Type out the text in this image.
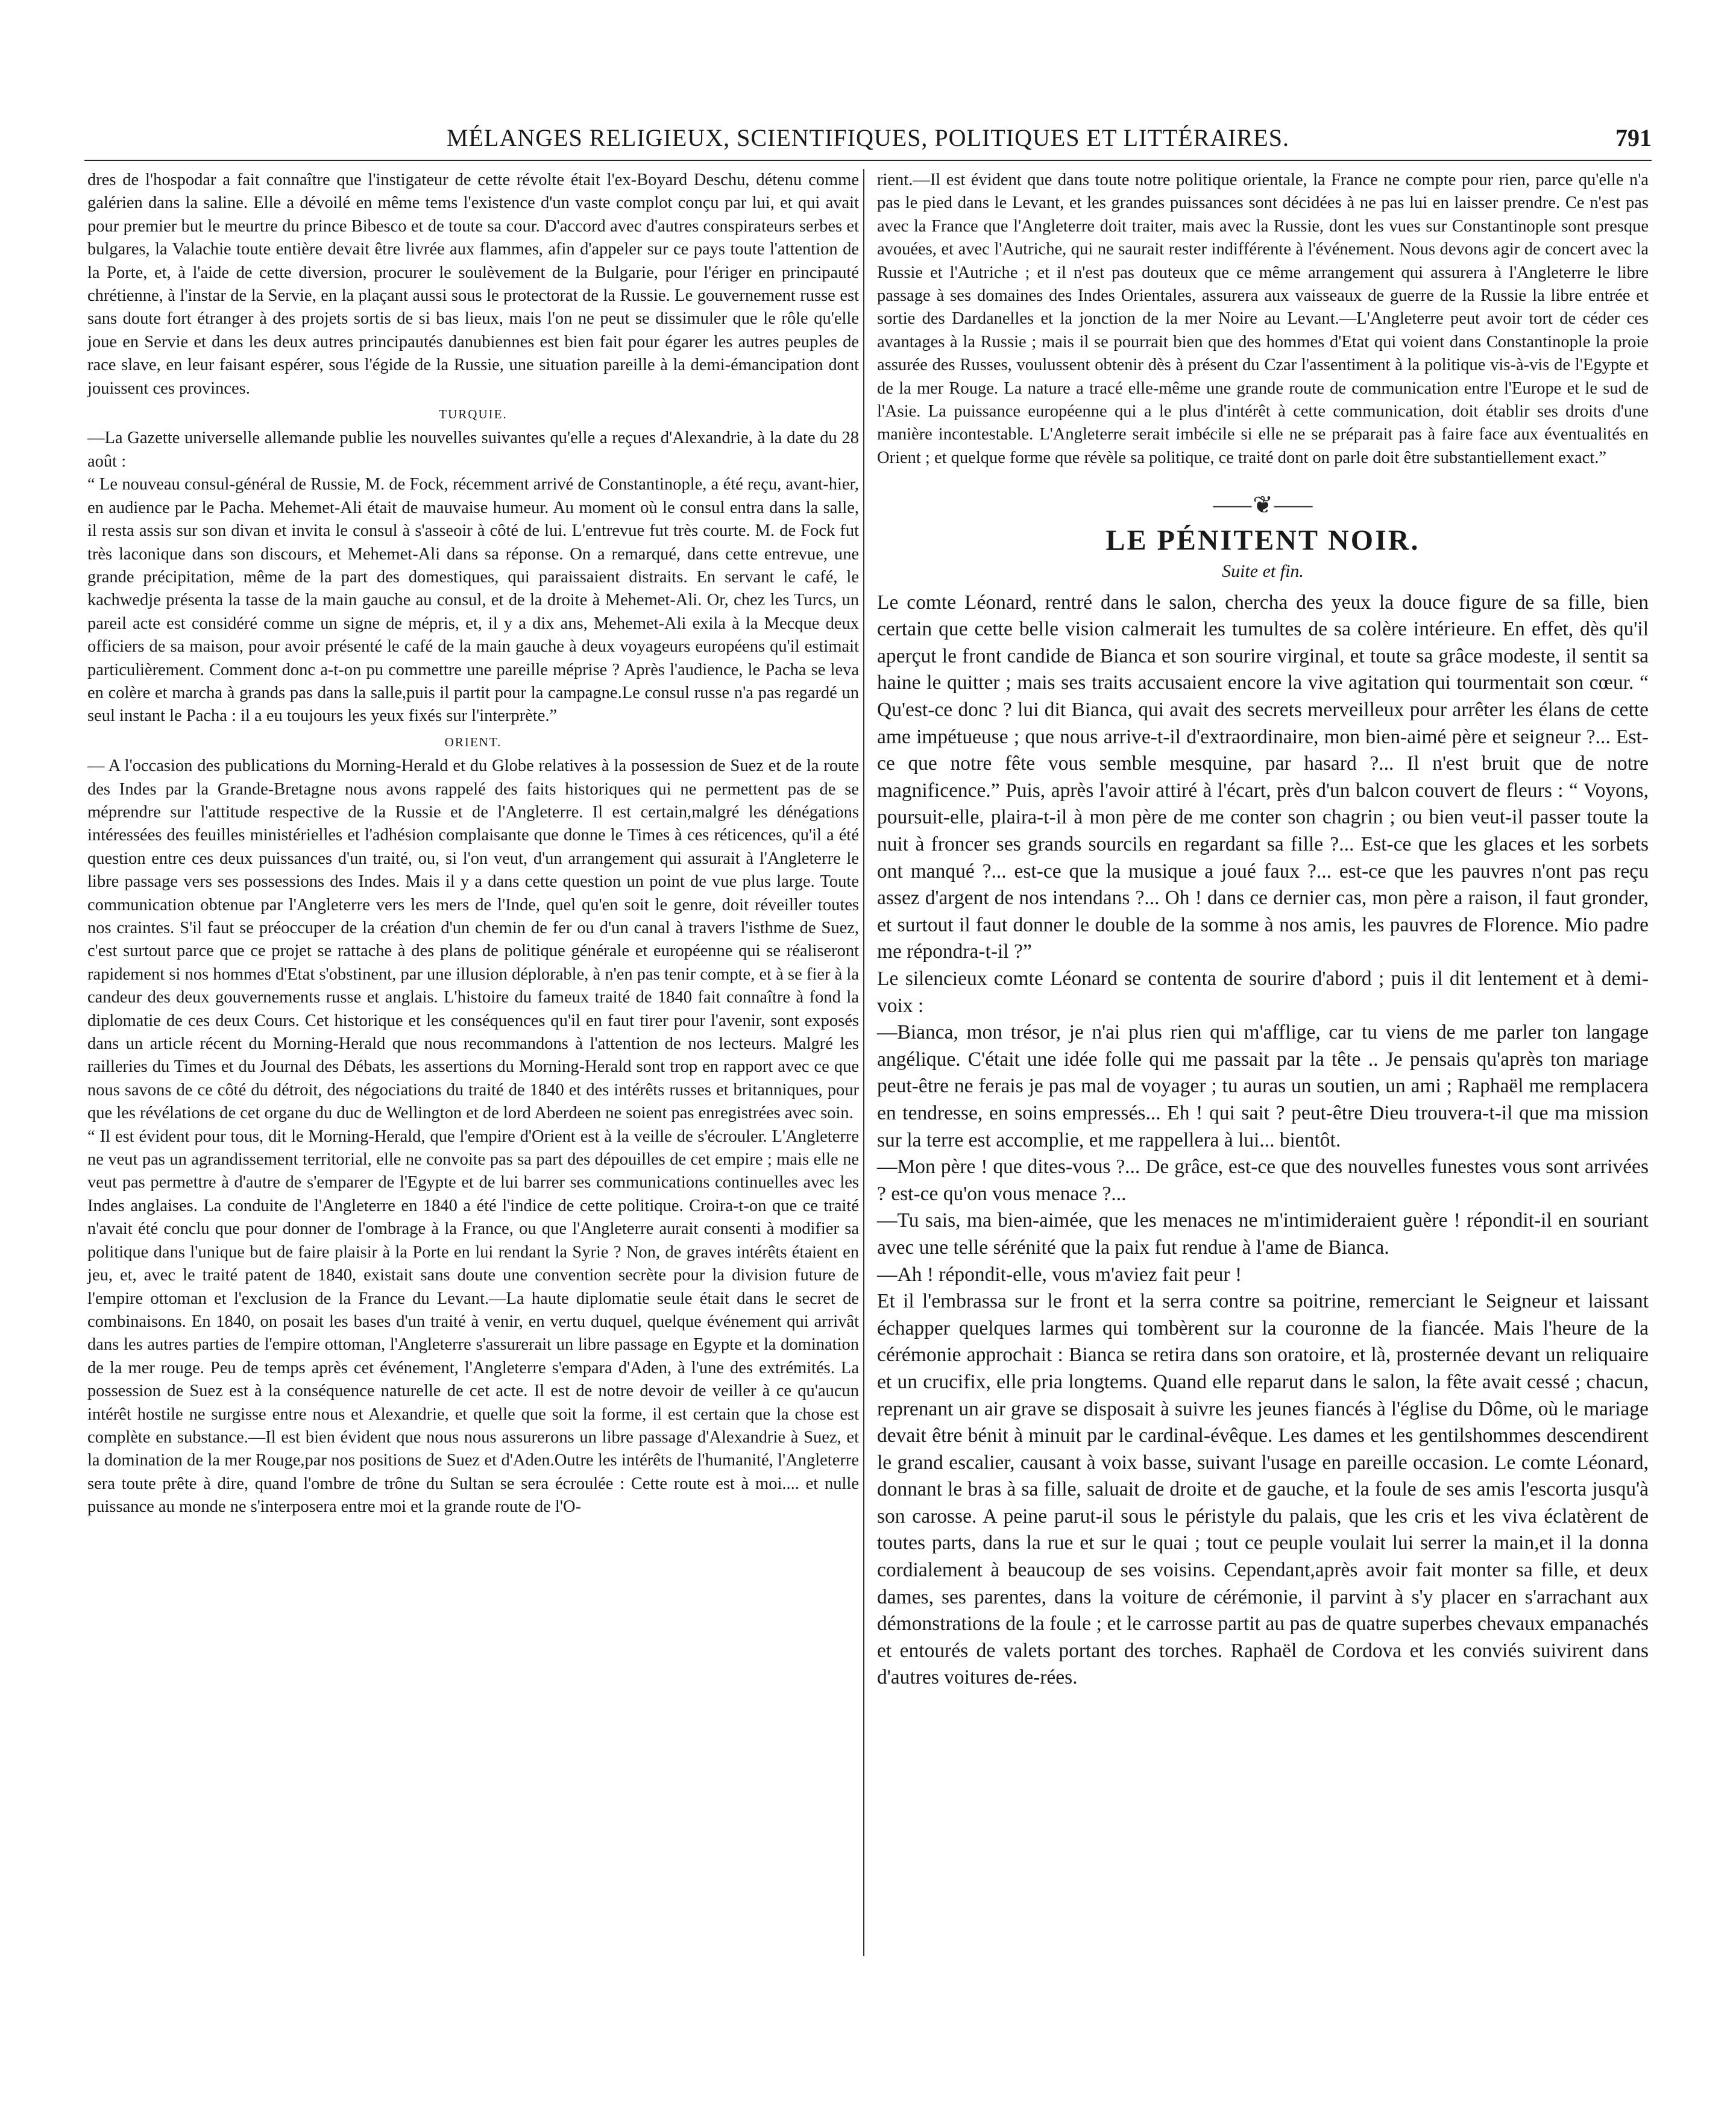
MÉLANGES RELIGIEUX, SCIENTIFIQUES, POLITIQUES ET LITTÉRAIRES.	791

dres de l'hospodar a fait connaître que l'instigateur de cette révolte était l'ex-Boyard Deschu, détenu comme galérien dans la saline. Elle a dévoilé en même tems l'existence d'un vaste complot conçu par lui, et qui avait pour premier but le meurtre du prince Bibesco et de toute sa cour. D'accord avec d'autres conspirateurs serbes et bulgares, la Valachie toute entière devait être livrée aux flammes, afin d'appeler sur ce pays toute l'attention de la Porte, et, à l'aide de cette diversion, procurer le soulèvement de la Bulgarie, pour l'ériger en principauté chrétienne, à l'instar de la Servie, en la plaçant aussi sous le protectorat de la Russie. Le gouvernement russe est sans doute fort étranger à des projets sortis de si bas lieux, mais l'on ne peut se dissimuler que le rôle qu'elle joue en Servie et dans les deux autres principautés danubiennes est bien fait pour égarer les autres peuples de race slave, en leur faisant espérer, sous l'égide de la Russie, une situation pareille à la demi-émancipation dont jouissent ces provinces.

TURQUIE.

—La Gazette universelle allemande publie les nouvelles suivantes qu'elle a reçues d'Alexandrie, à la date du 28 août :

“ Le nouveau consul-général de Russie, M. de Fock, récemment arrivé de Constantinople, a été reçu, avant-hier, en audience par le Pacha. Mehemet-Ali était de mauvaise humeur. Au moment où le consul entra dans la salle, il resta assis sur son divan et invita le consul à s'asseoir à côté de lui. L'entrevue fut très courte. M. de Fock fut très laconique dans son discours, et Mehemet-Ali dans sa réponse. On a remarqué, dans cette entrevue, une grande précipitation, même de la part des domestiques, qui paraissaient distraits. En servant le café, le kachwedje présenta la tasse de la main gauche au consul, et de la droite à Mehemet-Ali. Or, chez les Turcs, un pareil acte est considéré comme un signe de mépris, et, il y a dix ans, Mehemet-Ali exila à la Mecque deux officiers de sa maison, pour avoir présenté le café de la main gauche à deux voyageurs européens qu'il estimait particulièrement. Comment donc a-t-on pu commettre une pareille méprise ? Après l'audience, le Pacha se leva en colère et marcha à grands pas dans la salle,puis il partit pour la campagne.Le consul russe n'a pas regardé un seul instant le Pacha : il a eu toujours les yeux fixés sur l'interprète.”

ORIENT.

— A l'occasion des publications du Morning-Herald et du Globe relatives à la possession de Suez et de la route des Indes par la Grande-Bretagne nous avons rappelé des faits historiques qui ne permettent pas de se méprendre sur l'attitude respective de la Russie et de l'Angleterre. Il est certain,malgré les dénégations intéressées des feuilles ministérielles et l'adhésion complaisante que donne le Times à ces réticences, qu'il a été question entre ces deux puissances d'un traité, ou, si l'on veut, d'un arrangement qui assurait à l'Angleterre le libre passage vers ses possessions des Indes. Mais il y a dans cette question un point de vue plus large. Toute communication obtenue par l'Angleterre vers les mers de l'Inde, quel qu'en soit le genre, doit réveiller toutes nos craintes. S'il faut se préoccuper de la création d'un chemin de fer ou d'un canal à travers l'isthme de Suez, c'est surtout parce que ce projet se rattache à des plans de politique générale et européenne qui se réaliseront rapidement si nos hommes d'Etat s'obstinent, par une illusion déplorable, à n'en pas tenir compte, et à se fier à la candeur des deux gouvernements russe et anglais. L'histoire du fameux traité de 1840 fait connaître à fond la diplomatie de ces deux Cours. Cet historique et les conséquences qu'il en faut tirer pour l'avenir, sont exposés dans un article récent du Morning-Herald que nous recommandons à l'attention de nos lecteurs. Malgré les railleries du Times et du Journal des Débats, les assertions du Morning-Herald sont trop en rapport avec ce que nous savons de ce côté du détroit, des négociations du traité de 1840 et des intérêts russes et britanniques, pour que les révélations de cet organe du duc de Wellington et de lord Aberdeen ne soient pas enregistrées avec soin.

“ Il est évident pour tous, dit le Morning-Herald, que l'empire d'Orient est à la veille de s'écrouler. L'Angleterre ne veut pas un agrandissement territorial, elle ne convoite pas sa part des dépouilles de cet empire ; mais elle ne veut pas permettre à d'autre de s'emparer de l'Egypte et de lui barrer ses communications continuelles avec les Indes anglaises. La conduite de l'Angleterre en 1840 a été l'indice de cette politique. Croira-t-on que ce traité n'avait été conclu que pour donner de l'ombrage à la France, ou que l'Angleterre aurait consenti à modifier sa politique dans l'unique but de faire plaisir à la Porte en lui rendant la Syrie ? Non, de graves intérêts étaient en jeu, et, avec le traité patent de 1840, existait sans doute une convention secrète pour la division future de l'empire ottoman et l'exclusion de la France du Levant.—La haute diplomatie seule était dans le secret de combinaisons. En 1840, on posait les bases d'un traité à venir, en vertu duquel, quelque événement qui arrivât dans les autres parties de l'empire ottoman, l'Angleterre s'assurerait un libre passage en Egypte et la domination de la mer rouge. Peu de temps après cet événement, l'Angleterre s'empara d'Aden, à l'une des extrémités. La possession de Suez est à la conséquence naturelle de cet acte. Il est de notre devoir de veiller à ce qu'aucun intérêt hostile ne surgisse entre nous et Alexandrie, et quelle que soit la forme, il est certain que la chose est complète en substance.—Il est bien évident que nous nous assurerons un libre passage d'Alexandrie à Suez, et la domination de la mer Rouge,par nos positions de Suez et d'Aden.Outre les intérêts de l'humanité, l'Angleterre sera toute prête à dire, quand l'ombre de trône du Sultan se sera écroulée : Cette route est à moi.... et nulle puissance au monde ne s'interposera entre moi et la grande route de l'O-

rient.—Il est évident que dans toute notre politique orientale, la France ne compte pour rien, parce qu'elle n'a pas le pied dans le Levant, et les grandes puissances sont décidées à ne pas lui en laisser prendre. Ce n'est pas avec la France que l'Angleterre doit traiter, mais avec la Russie, dont les vues sur Constantinople sont presque avouées, et avec l'Autriche, qui ne saurait rester indifférente à l'événement. Nous devons agir de concert avec la Russie et l'Autriche ; et il n'est pas douteux que ce même arrangement qui assurera à l'Angleterre le libre passage à ses domaines des Indes Orientales, assurera aux vaisseaux de guerre de la Russie la libre entrée et sortie des Dardanelles et la jonction de la mer Noire au Levant.—L'Angleterre peut avoir tort de céder ces avantages à la Russie ; mais il se pourrait bien que des hommes d'Etat qui voient dans Constantinople la proie assurée des Russes, voulussent obtenir dès à présent du Czar l'assentiment à la politique vis-à-vis de l'Egypte et de la mer Rouge. La nature a tracé elle-même une grande route de communication entre l'Europe et le sud de l'Asie. La puissance européenne qui a le plus d'intérêt à cette communication, doit établir ses droits d'une manière incontestable. L'Angleterre serait imbécile si elle ne se préparait pas à faire face aux éventualités en Orient ; et quelque forme que révèle sa politique, ce traité dont on parle doit être substantiellement exact.”

⸺❦⸺
LE PÉNITENT NOIR.
Suite et fin.

Le comte Léonard, rentré dans le salon, chercha des yeux la douce figure de sa fille, bien certain que cette belle vision calmerait les tumultes de sa colère intérieure. En effet, dès qu'il aperçut le front candide de Bianca et son sourire virginal, et toute sa grâce modeste, il sentit sa haine le quitter ; mais ses traits accusaient encore la vive agitation qui tourmentait son cœur. “ Qu'est-ce donc ? lui dit Bianca, qui avait des secrets merveilleux pour arrêter les élans de cette ame impétueuse ; que nous arrive-t-il d'extraordinaire, mon bien-aimé père et seigneur ?... Est-ce que notre fête vous semble mesquine, par hasard ?... Il n'est bruit que de notre magnificence.” Puis, après l'avoir attiré à l'écart, près d'un balcon couvert de fleurs : “ Voyons, poursuit-elle, plaira-t-il à mon père de me conter son chagrin ; ou bien veut-il passer toute la nuit à froncer ses grands sourcils en regardant sa fille ?... Est-ce que les glaces et les sorbets ont manqué ?... est-ce que la musique a joué faux ?... est-ce que les pauvres n'ont pas reçu assez d'argent de nos intendans ?... Oh ! dans ce dernier cas, mon père a raison, il faut gronder, et surtout il faut donner le double de la somme à nos amis, les pauvres de Florence. Mio padre me répondra-t-il ?”

Le silencieux comte Léonard se contenta de sourire d'abord ; puis il dit lentement et à demi-voix :

—Bianca, mon trésor, je n'ai plus rien qui m'afflige, car tu viens de me parler ton langage angélique. C'était une idée folle qui me passait par la tête .. Je pensais qu'après ton mariage peut-être ne ferais je pas mal de voyager ; tu auras un soutien, un ami ; Raphaël me remplacera en tendresse, en soins empressés... Eh ! qui sait ? peut-être Dieu trouvera-t-il que ma mission sur la terre est accomplie, et me rappellera à lui... bientôt.

—Mon père ! que dites-vous ?... De grâce, est-ce que des nouvelles funestes vous sont arrivées ? est-ce qu'on vous menace ?...

—Tu sais, ma bien-aimée, que les menaces ne m'intimideraient guère ! répondit-il en souriant avec une telle sérénité que la paix fut rendue à l'ame de Bianca.

—Ah ! répondit-elle, vous m'aviez fait peur !

Et il l'embrassa sur le front et la serra contre sa poitrine, remerciant le Seigneur et laissant échapper quelques larmes qui tombèrent sur la couronne de la fiancée. Mais l'heure de la cérémonie approchait : Bianca se retira dans son oratoire, et là, prosternée devant un reliquaire et un crucifix, elle pria longtems. Quand elle reparut dans le salon, la fête avait cessé ; chacun, reprenant un air grave se disposait à suivre les jeunes fiancés à l'église du Dôme, où le mariage devait être bénit à minuit par le cardinal-évêque. Les dames et les gentilshommes descendirent le grand escalier, causant à voix basse, suivant l'usage en pareille occasion. Le comte Léonard, donnant le bras à sa fille, saluait de droite et de gauche, et la foule de ses amis l'escorta jusqu'à son carosse. A peine parut-il sous le péristyle du palais, que les cris et les viva éclatèrent de toutes parts, dans la rue et sur le quai ; tout ce peuple voulait lui serrer la main,et il la donna cordialement à beaucoup de ses voisins. Cependant,après avoir fait monter sa fille, et deux dames, ses parentes, dans la voiture de cérémonie, il parvint à s'y placer en s'arrachant aux démonstrations de la foule ; et le carrosse partit au pas de quatre superbes chevaux empanachés et entourés de valets portant des torches. Raphaël de Cordova et les conviés suivirent dans d'autres voitures de-rées.
